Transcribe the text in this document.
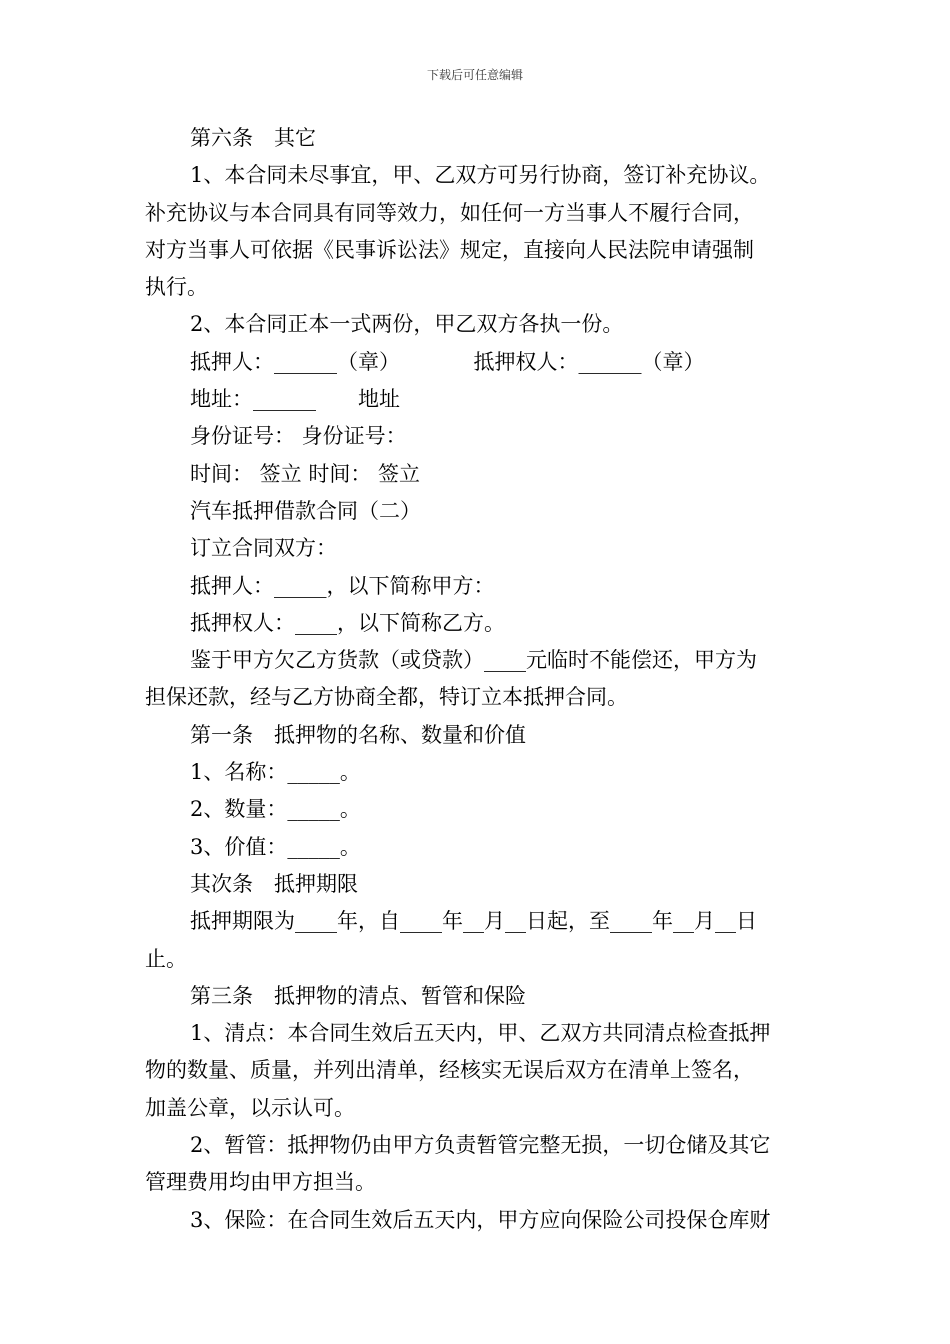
下载后可任意编辑
第六条　其它
1、本合同未尽事宜，甲、乙双方可另行协商，签订补充协议。
补充协议与本合同具有同等效力，如任何一方当事人不履行合同，
对方当事人可依据《民事诉讼法》规定，直接向人民法院申请强制
执行。
2、本合同正本一式两份，甲乙双方各执一份。
抵押人：______（章）　　　　抵押权人：______（章）
地址：______　　地址
身份证号： 身份证号：
时间： 签立 时间： 签立
汽车抵押借款合同（二）
订立合同双方：
抵押人：_____，以下简称甲方：
抵押权人：____，以下简称乙方。
鉴于甲方欠乙方货款（或贷款）____元临时不能偿还，甲方为
担保还款，经与乙方协商全都，特订立本抵押合同。
第一条　抵押物的名称、数量和价值
1、名称：_____。
2、数量：_____。
3、价值：_____。
其次条　抵押期限
抵押期限为____年，自____年__月__日起，至____年__月__日
止。
第三条　抵押物的清点、暂管和保险
1、清点：本合同生效后五天内，甲、乙双方共同清点检查抵押
物的数量、质量，并列出清单，经核实无误后双方在清单上签名，
加盖公章，以示认可。
2、暂管：抵押物仍由甲方负责暂管完整无损，一切仓储及其它
管理费用均由甲方担当。
3、保险：在合同生效后五天内，甲方应向保险公司投保仓库财
